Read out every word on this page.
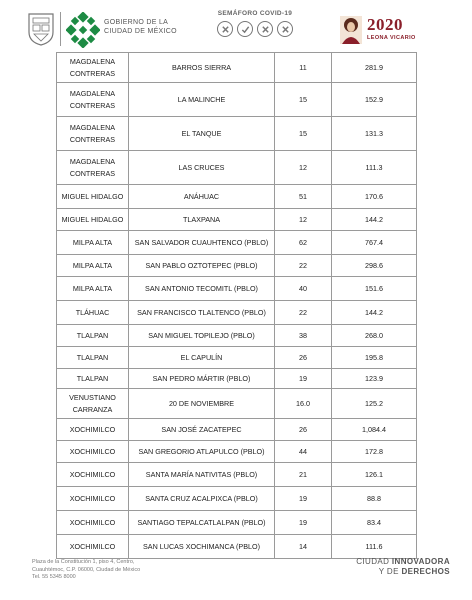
GOBIERNO DE LA
CIUDAD DE MÉXICO
SEMÁFORO COVID-19
2020
LEONA VICARIO
MAGDALENA
CONTRERAS	BARROS SIERRA	11	281.9

MAGDALENA
CONTRERAS	LA MALINCHE	15	152.9

MAGDALENA
CONTRERAS	EL TANQUE	15	131.3

MAGDALENA
CONTRERAS	LAS CRUCES	12	111.3

MIGUEL HIDALGO	ANÁHUAC	51	170.6

MIGUEL HIDALGO	TLAXPANA	12	144.2

MILPA ALTA	SAN SALVADOR CUAUHTENCO (PBLO)	62	767.4

MILPA ALTA	SAN PABLO OZTOTEPEC (PBLO)	22	298.6

MILPA ALTA	SAN ANTONIO TECOMITL (PBLO)	40	151.6

TLÁHUAC	SAN FRANCISCO TLALTENCO (PBLO)	22	144.2

TLALPAN	SAN MIGUEL TOPILEJO (PBLO)	38	268.0

TLALPAN	EL CAPULÍN	26	195.8

TLALPAN	SAN PEDRO MÁRTIR (PBLO)	19	123.9

VENUSTIANO
CARRANZA	20 DE NOVIEMBRE	16.0	125.2

XOCHIMILCO	SAN JOSÉ ZACATEPEC	26	1,084.4

XOCHIMILCO	SAN GREGORIO ATLAPULCO (PBLO)	44	172.8

XOCHIMILCO	SANTA MARÍA NATIVITAS (PBLO)	21	126.1

XOCHIMILCO	SANTA CRUZ ACALPIXCA (PBLO)	19	88.8

XOCHIMILCO	SANTIAGO TEPALCATLALPAN (PBLO)	19	83.4

XOCHIMILCO	SAN LUCAS XOCHIMANCA (PBLO)	14	111.6
Plaza de la Constitución 1, piso 4, Centro,
Cuauhtémoc, C.P. 06000, Ciudad de México
Tel. 55 5345 8000
CIUDAD INNOVADORA
Y DE DERECHOS
